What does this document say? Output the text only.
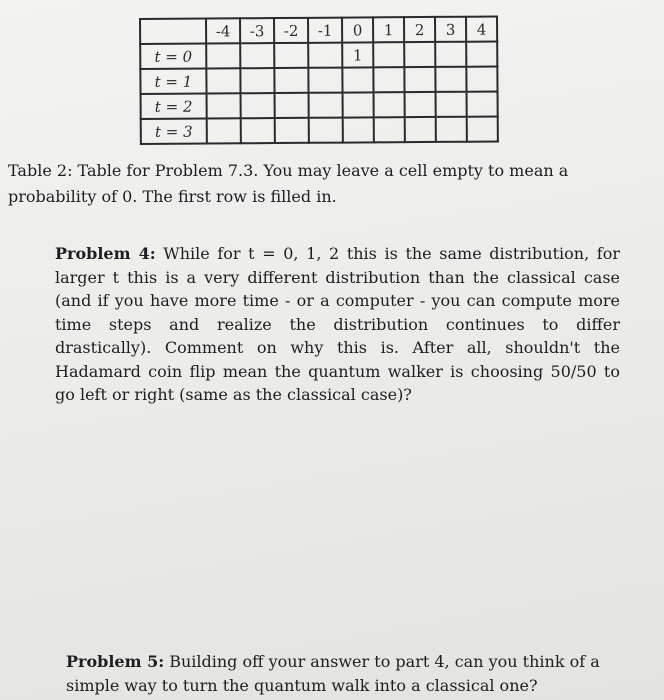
	-4	-3	-2	-1	0	1	2	3	4
t = 0					1				
t = 1									
t = 2									
t = 3									

Table 2: Table for Problem 7.3. You may leave a cell empty to mean a probability of 0. The first row is filled in.

Problem 4: While for t = 0, 1, 2 this is the same distribution, for larger t this is a very different distribution than the classical case (and if you have more time - or a computer - you can compute more time steps and realize the distribution continues to differ drastically). Comment on why this is. After all, shouldn't the Hadamard coin flip mean the quantum walker is choosing 50/50 to go left or right (same as the classical case)?

Problem 5: Building off your answer to part 4, can you think of a simple way to turn the quantum walk into a classical one?
